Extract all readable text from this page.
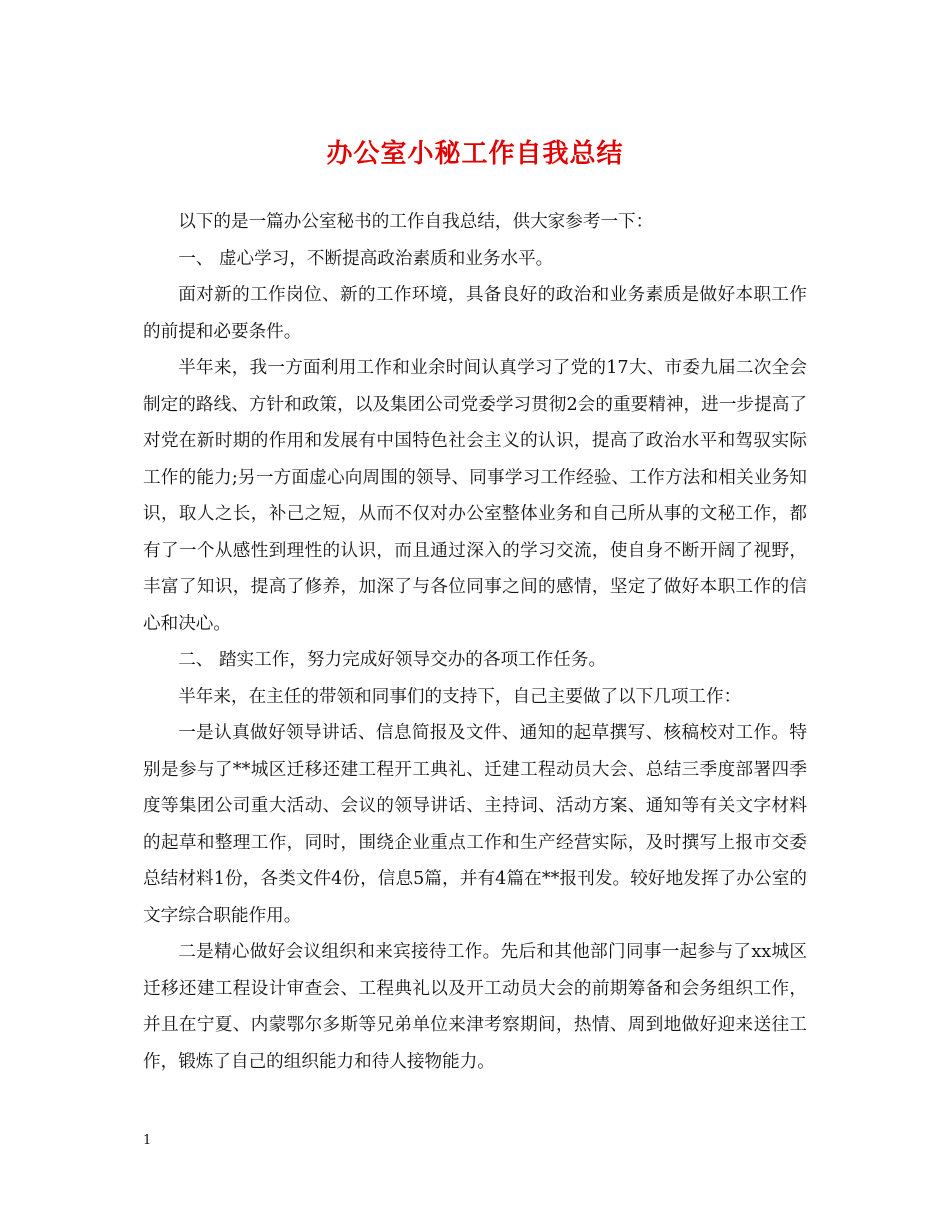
办公室小秘工作自我总结

以下的是一篇办公室秘书的工作自我总结，供大家参考一下：

一、 虚心学习，不断提高政治素质和业务水平。

面对新的工作岗位、新的工作环境，具备良好的政治和业务素质是做好本职工作的前提和必要条件。

半年来，我一方面利用工作和业余时间认真学习了党的17大、市委九届二次全会制定的路线、方针和政策，以及集团公司党委学习贯彻2会的重要精神，进一步提高了对党在新时期的作用和发展有中国特色社会主义的认识，提高了政治水平和驾驭实际工作的能力;另一方面虚心向周围的领导、同事学习工作经验、工作方法和相关业务知识，取人之长，补己之短，从而不仅对办公室整体业务和自己所从事的文秘工作，都有了一个从感性到理性的认识，而且通过深入的学习交流，使自身不断开阔了视野，丰富了知识，提高了修养，加深了与各位同事之间的感情，坚定了做好本职工作的信心和决心。

二、 踏实工作，努力完成好领导交办的各项工作任务。

半年来，在主任的带领和同事们的支持下，自己主要做了以下几项工作：

一是认真做好领导讲话、信息简报及文件、通知的起草撰写、核稿校对工作。特别是参与了**城区迁移还建工程开工典礼、迁建工程动员大会、总结三季度部署四季度等集团公司重大活动、会议的领导讲话、主持词、活动方案、通知等有关文字材料的起草和整理工作，同时，围绕企业重点工作和生产经营实际，及时撰写上报市交委总结材料1份，各类文件4份，信息5篇，并有4篇在**报刊发。较好地发挥了办公室的文字综合职能作用。

二是精心做好会议组织和来宾接待工作。先后和其他部门同事一起参与了xx城区迁移还建工程设计审查会、工程典礼以及开工动员大会的前期筹备和会务组织工作，并且在宁夏、内蒙鄂尔多斯等兄弟单位来津考察期间，热情、周到地做好迎来送往工作，锻炼了自己的组织能力和待人接物能力。

1
